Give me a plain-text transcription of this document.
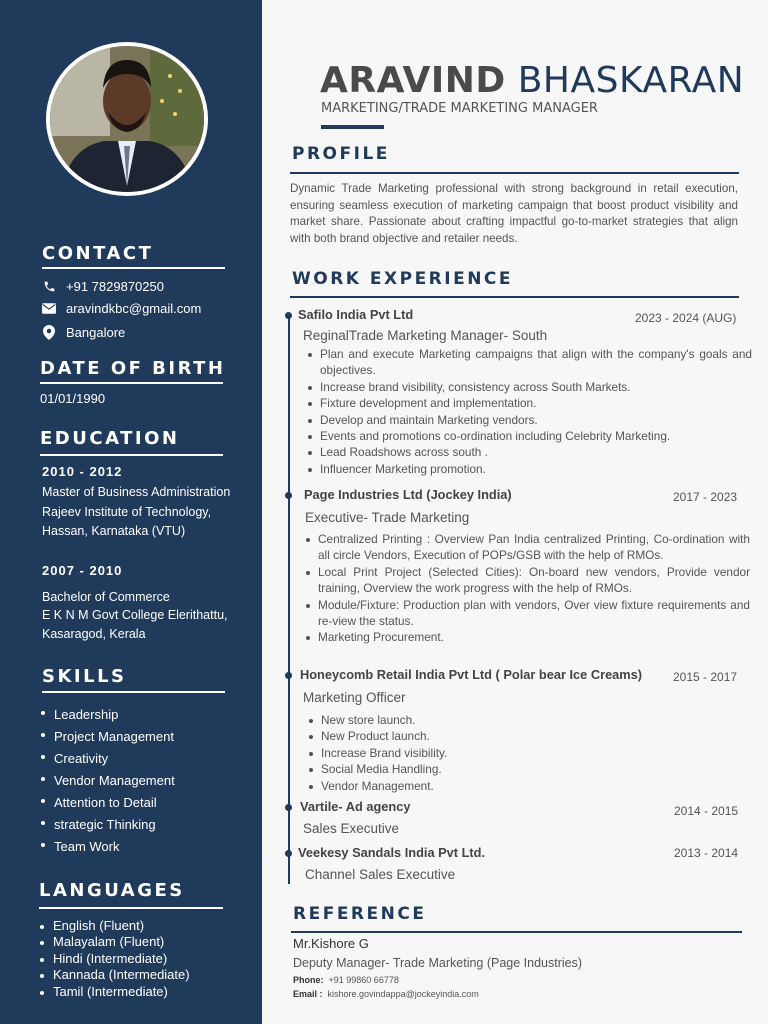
CONTACT
+91 7829870250
aravindkbc@gmail.com
Bangalore
DATE OF BIRTH
01/01/1990
EDUCATION
2010 - 2012
Master of Business Administration
Rajeev Institute of Technology,
Hassan, Karnataka (VTU)
2007 - 2010
Bachelor of Commerce
E K N M Govt College Elerithattu,
Kasaragod, Kerala
SKILLS
Leadership
Project Management
Creativity
Vendor Management
Attention to Detail
strategic Thinking
Team Work
LANGUAGES
English (Fluent)
Malayalam (Fluent)
Hindi (Intermediate)
Kannada (Intermediate)
Tamil (Intermediate)
ARAVIND BHASKARAN
MARKETING/TRADE MARKETING MANAGER
PROFILE
Dynamic Trade Marketing professional with strong background in retail execution, ensuring seamless execution of marketing campaign that boost product visibility and market share. Passionate about crafting impactful go-to-market strategies that align with both brand objective and retailer needs.
WORK EXPERIENCE
Safilo India Pvt Ltd	2023 - 2024 (AUG)
ReginalTrade Marketing Manager- South
Plan and execute Marketing campaigns that align with the company's goals and objectives.
Increase brand visibility, consistency across South Markets.
Fixture development and implementation.
Develop and maintain Marketing vendors.
Events and promotions co-ordination including Celebrity Marketing.
Lead Roadshows across south .
Influencer Marketing promotion.
Page Industries Ltd (Jockey India)	2017 - 2023
Executive- Trade Marketing
Centralized Printing : Overview Pan India centralized Printing, Co-ordination with all circle Vendors, Execution of POPs/GSB with the help of RMOs.
Local Print Project (Selected Cities): On-board new vendors, Provide vendor training, Overview the work progress with the help of RMOs.
Module/Fixture: Production plan with vendors, Over view fixture requirements and re-view the status.
Marketing Procurement.
Honeycomb Retail India Pvt Ltd ( Polar bear Ice Creams)	2015 - 2017
Marketing Officer
New store launch.
New Product launch.
Increase Brand visibility.
Social Media Handling.
Vendor Management.
Vartile- Ad agency	2014 - 2015
Sales Executive
Veekesy Sandals India Pvt Ltd.	2013 - 2014
Channel Sales Executive
REFERENCE
Mr.Kishore G
Deputy Manager- Trade Marketing (Page Industries)
Phone: +91 99860 66778
Email : kishore.govindappa@jockeyindia.com
